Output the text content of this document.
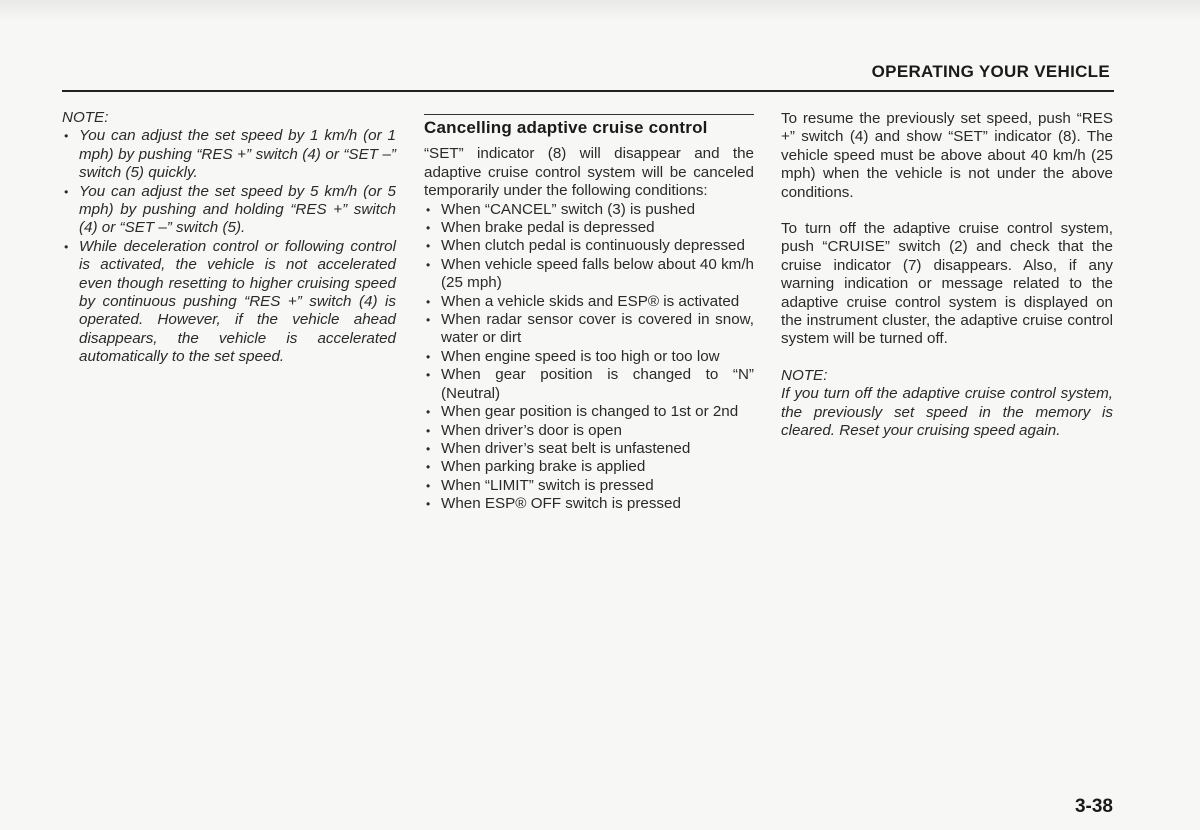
OPERATING YOUR VEHICLE
NOTE:
• You can adjust the set speed by 1 km/h (or 1 mph) by pushing “RES +” switch (4) or “SET –” switch (5) quickly.
• You can adjust the set speed by 5 km/h (or 5 mph) by pushing and holding “RES +” switch (4) or “SET –” switch (5).
• While deceleration control or following control is activated, the vehicle is not accelerated even though resetting to higher cruising speed by continuous pushing “RES +” switch (4) is operated. However, if the vehicle ahead disappears, the vehicle is accelerated automatically to the set speed.
Cancelling adaptive cruise control
“SET” indicator (8) will disappear and the adaptive cruise control system will be canceled temporarily under the following conditions:
• When “CANCEL” switch (3) is pushed
• When brake pedal is depressed
• When clutch pedal is continuously depressed
• When vehicle speed falls below about 40 km/h (25 mph)
• When a vehicle skids and ESP® is activated
• When radar sensor cover is covered in snow, water or dirt
• When engine speed is too high or too low
• When gear position is changed to “N” (Neutral)
• When gear position is changed to 1st or 2nd
• When driver’s door is open
• When driver’s seat belt is unfastened
• When parking brake is applied
• When “LIMIT” switch is pressed
• When ESP® OFF switch is pressed
To resume the previously set speed, push “RES +” switch (4) and show “SET” indicator (8). The vehicle speed must be above about 40 km/h (25 mph) when the vehicle is not under the above conditions.
To turn off the adaptive cruise control system, push “CRUISE” switch (2) and check that the cruise indicator (7) disappears. Also, if any warning indication or message related to the adaptive cruise control system is displayed on the instrument cluster, the adaptive cruise control system will be turned off.
NOTE:
If you turn off the adaptive cruise control system, the previously set speed in the memory is cleared. Reset your cruising speed again.
3-38
